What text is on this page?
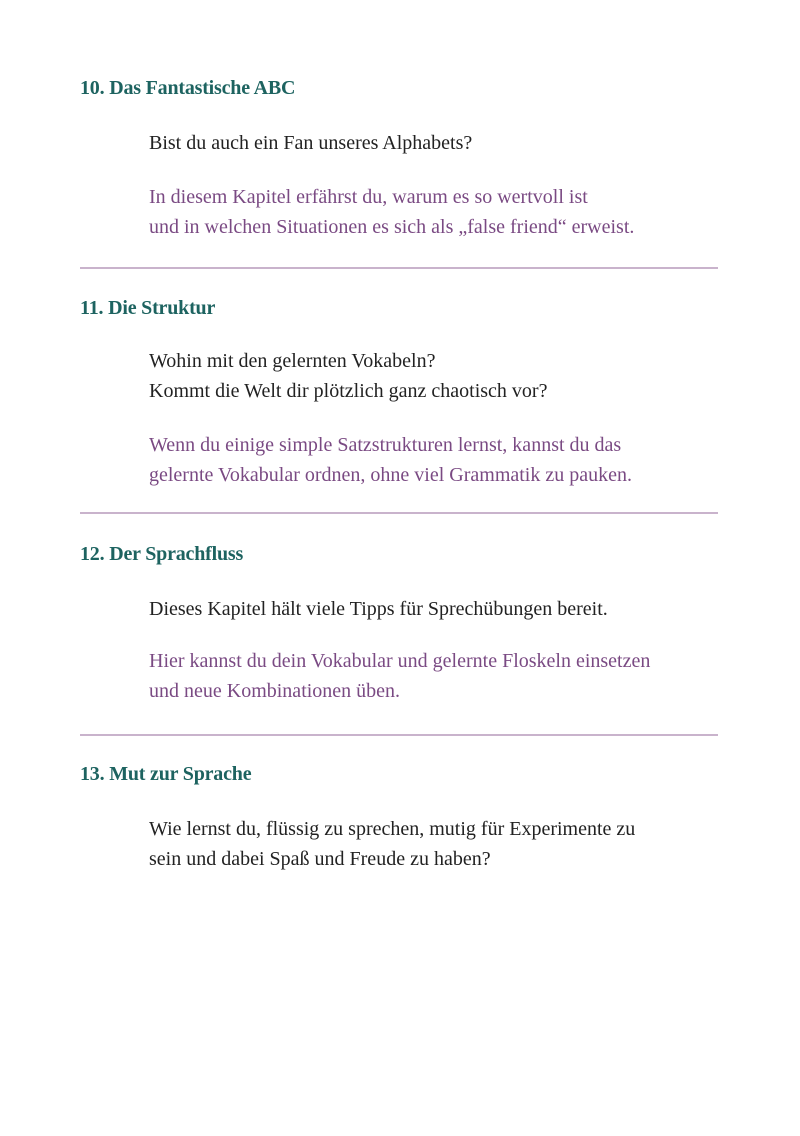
10. Das Fantastische ABC

Bist du auch ein Fan unseres Alphabets?

In diesem Kapitel erfährst du, warum es so wertvoll ist
und in welchen Situationen es sich als „false friend“ erweist.

11. Die Struktur

Wohin mit den gelernten Vokabeln?
Kommt die Welt dir plötzlich ganz chaotisch vor?

Wenn du einige simple Satzstrukturen lernst, kannst du das
gelernte Vokabular ordnen, ohne viel Grammatik zu pauken.

12. Der Sprachfluss

Dieses Kapitel hält viele Tipps für Sprechübungen bereit.

Hier kannst du dein Vokabular und gelernte Floskeln einsetzen
und neue Kombinationen üben.

13. Mut zur Sprache

Wie lernst du, flüssig zu sprechen, mutig für Experimente zu
sein und dabei Spaß und Freude zu haben?
